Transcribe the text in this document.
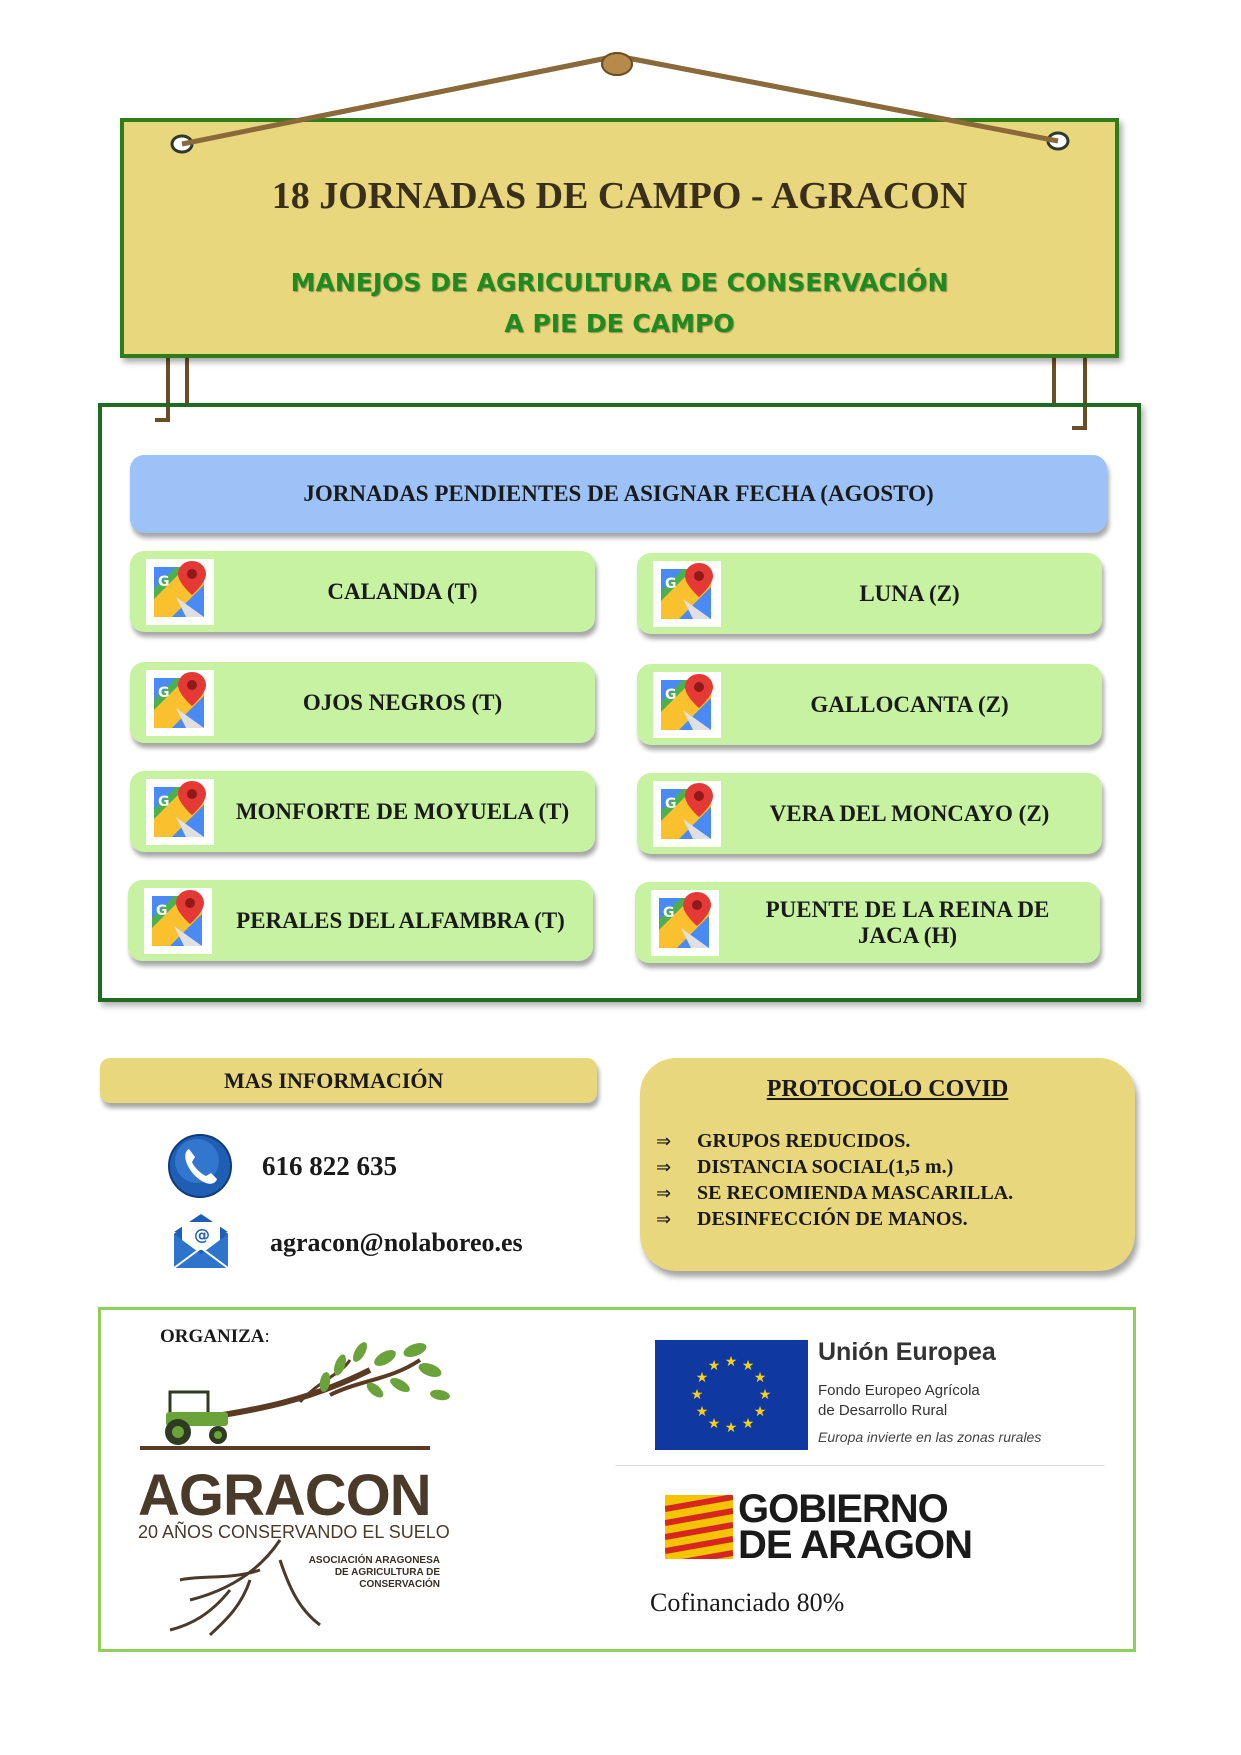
18 JORNADAS DE CAMPO - AGRACON
MANEJOS DE AGRICULTURA DE CONSERVACIÓN
A PIE DE CAMPO
JORNADAS PENDIENTES DE ASIGNAR FECHA (AGOSTO)
CALANDA (T)	LUNA (Z)
OJOS NEGROS (T)	GALLOCANTA (Z)
MONFORTE DE MOYUELA (T)	VERA DEL MONCAYO (Z)
PERALES DEL ALFAMBRA (T)	PUENTE DE LA REINA DE JACA (H)
MAS INFORMACIÓN
616 822 635
@ agracon@nolaboreo.es
PROTOCOLO COVID
⇒ GRUPOS REDUCIDOS.
⇒ DISTANCIA SOCIAL(1,5 m.)
⇒ SE RECOMIENDA MASCARILLA.
⇒ DESINFECCIÓN DE MANOS.
ORGANIZA:
AGRACON
20 AÑOS CONSERVANDO EL SUELO
ASOCIACIÓN ARAGONESA
DE AGRICULTURA DE
CONSERVACIÓN
★ ★
★
★
★
★
★
★
★
★
★
★	Unión Europea
Fondo Europeo Agrícola
de Desarrollo Rural
Europa invierte en las zonas rurales
GOBIERNO
DE ARAGON
Cofinanciado 80%
